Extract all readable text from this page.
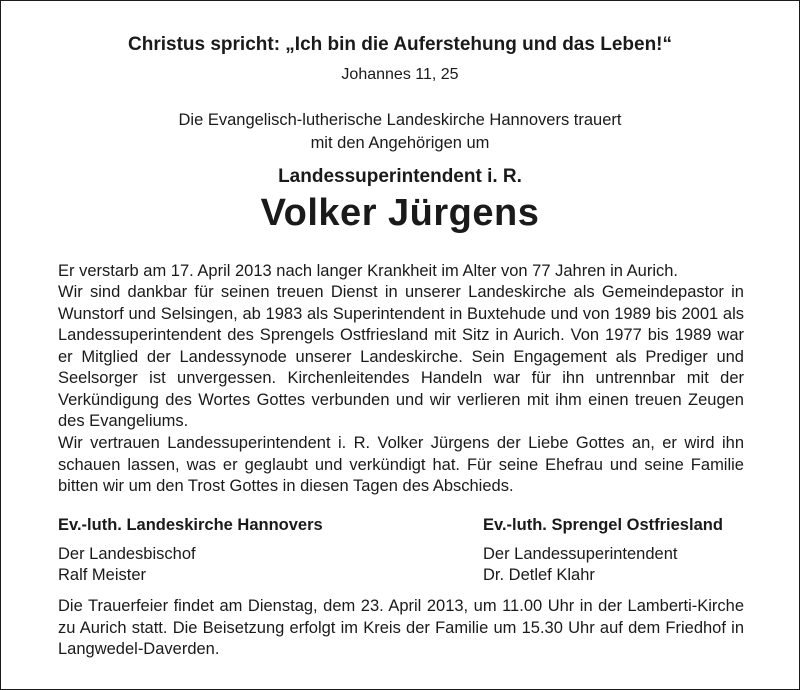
Christus spricht: „Ich bin die Auferstehung und das Leben!“
Johannes 11, 25
Die Evangelisch-lutherische Landeskirche Hannovers trauert
mit den Angehörigen um
Landessuperintendent i. R.
Volker Jürgens

Er verstarb am 17. April 2013 nach langer Krankheit im Alter von 77 Jahren in Aurich.

Wir sind dankbar für seinen treuen Dienst in unserer Landeskirche als Gemeindepastor in Wunstorf und Selsingen, ab 1983 als Superintendent in Buxtehude und von 1989 bis 2001 als Landessuperintendent des Sprengels Ostfriesland mit Sitz in Aurich. Von 1977 bis 1989 war er Mitglied der Landessynode unserer Landeskirche. Sein Engagement als Prediger und Seelsorger ist unvergessen. Kirchenleitendes Handeln war für ihn untrennbar mit der Verkündigung des Wortes Gottes verbunden und wir verlieren mit ihm einen treuen Zeugen des Evangeliums.

Wir vertrauen Landessuperintendent i. R. Volker Jürgens der Liebe Gottes an, er wird ihn schauen lassen, was er geglaubt und verkündigt hat. Für seine Ehefrau und seine Familie bitten wir um den Trost Gottes in diesen Tagen des Abschieds.

Ev.-luth. Landeskirche Hannovers
Der Landesbischof
Ralf Meister
Ev.-luth. Sprengel Ostfriesland
Der Landessuperintendent
Dr. Detlef Klahr

Die Trauerfeier findet am Dienstag, dem 23. April 2013, um 11.00 Uhr in der Lamberti-Kirche zu Aurich statt. Die Beisetzung erfolgt im Kreis der Familie um 15.30 Uhr auf dem Friedhof in Langwedel-Daverden.
